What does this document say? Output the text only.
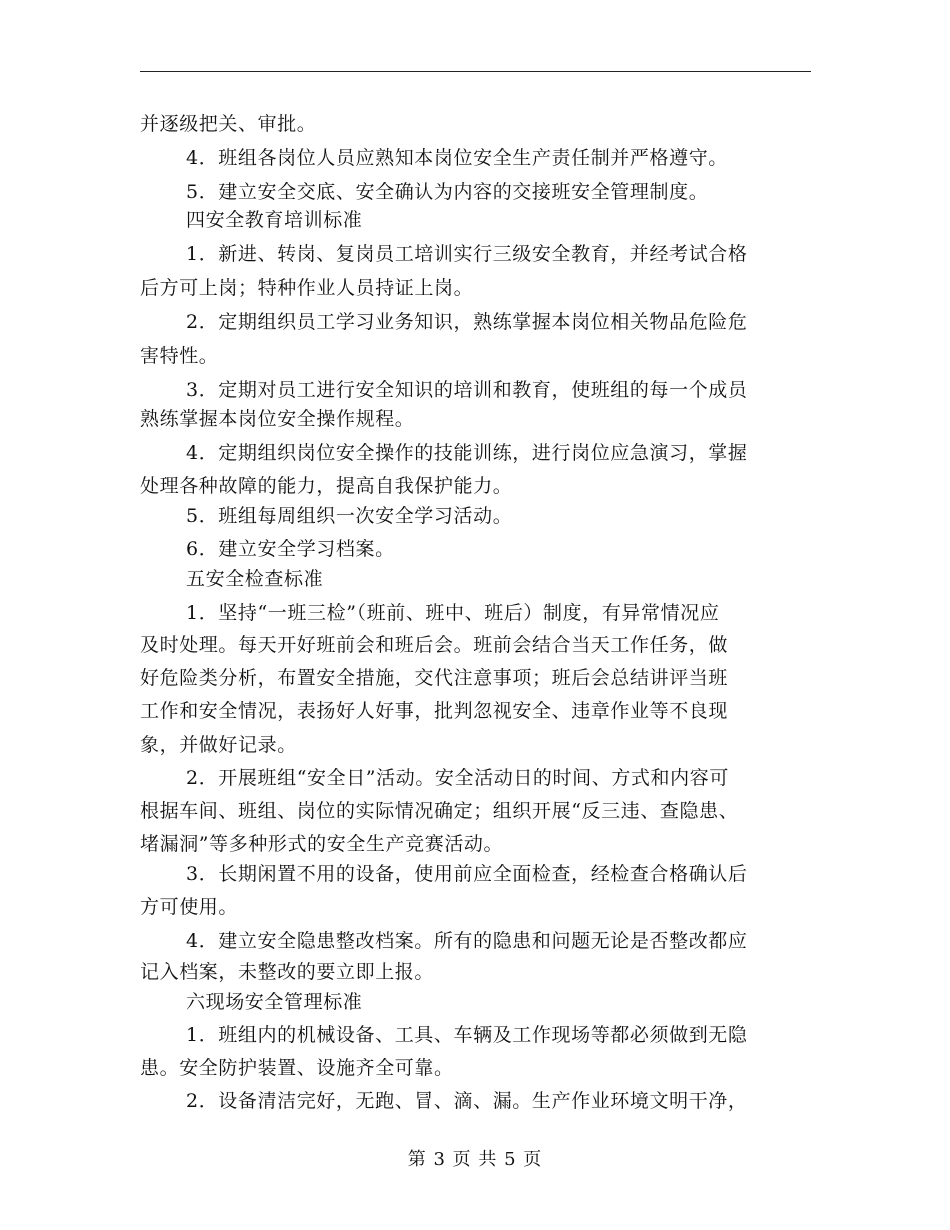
并逐级把关、审批。
4．班组各岗位人员应熟知本岗位安全生产责任制并严格遵守。
5．建立安全交底、安全确认为内容的交接班安全管理制度。
四安全教育培训标准
1．新进、转岗、复岗员工培训实行三级安全教育，并经考试合格
后方可上岗；特种作业人员持证上岗。
2．定期组织员工学习业务知识，熟练掌握本岗位相关物品危险危
害特性。
3．定期对员工进行安全知识的培训和教育，使班组的每一个成员
熟练掌握本岗位安全操作规程。
4．定期组织岗位安全操作的技能训练，进行岗位应急演习，掌握
处理各种故障的能力，提高自我保护能力。
5．班组每周组织一次安全学习活动。
6．建立安全学习档案。
五安全检查标准
1．坚持“一班三检”（班前、班中、班后）制度，有异常情况应
及时处理。每天开好班前会和班后会。班前会结合当天工作任务，做
好危险类分析，布置安全措施，交代注意事项；班后会总结讲评当班
工作和安全情况，表扬好人好事，批判忽视安全、违章作业等不良现
象，并做好记录。
2．开展班组“安全日”活动。安全活动日的时间、方式和内容可
根据车间、班组、岗位的实际情况确定；组织开展“反三违、查隐患、
堵漏洞”等多种形式的安全生产竞赛活动。
3．长期闲置不用的设备，使用前应全面检查，经检查合格确认后
方可使用。
4．建立安全隐患整改档案。所有的隐患和问题无论是否整改都应
记入档案，未整改的要立即上报。
六现场安全管理标准
1．班组内的机械设备、工具、车辆及工作现场等都必须做到无隐
患。安全防护装置、设施齐全可靠。
2．设备清洁完好，无跑、冒、滴、漏。生产作业环境文明干净，
第 3 页 共 5 页
